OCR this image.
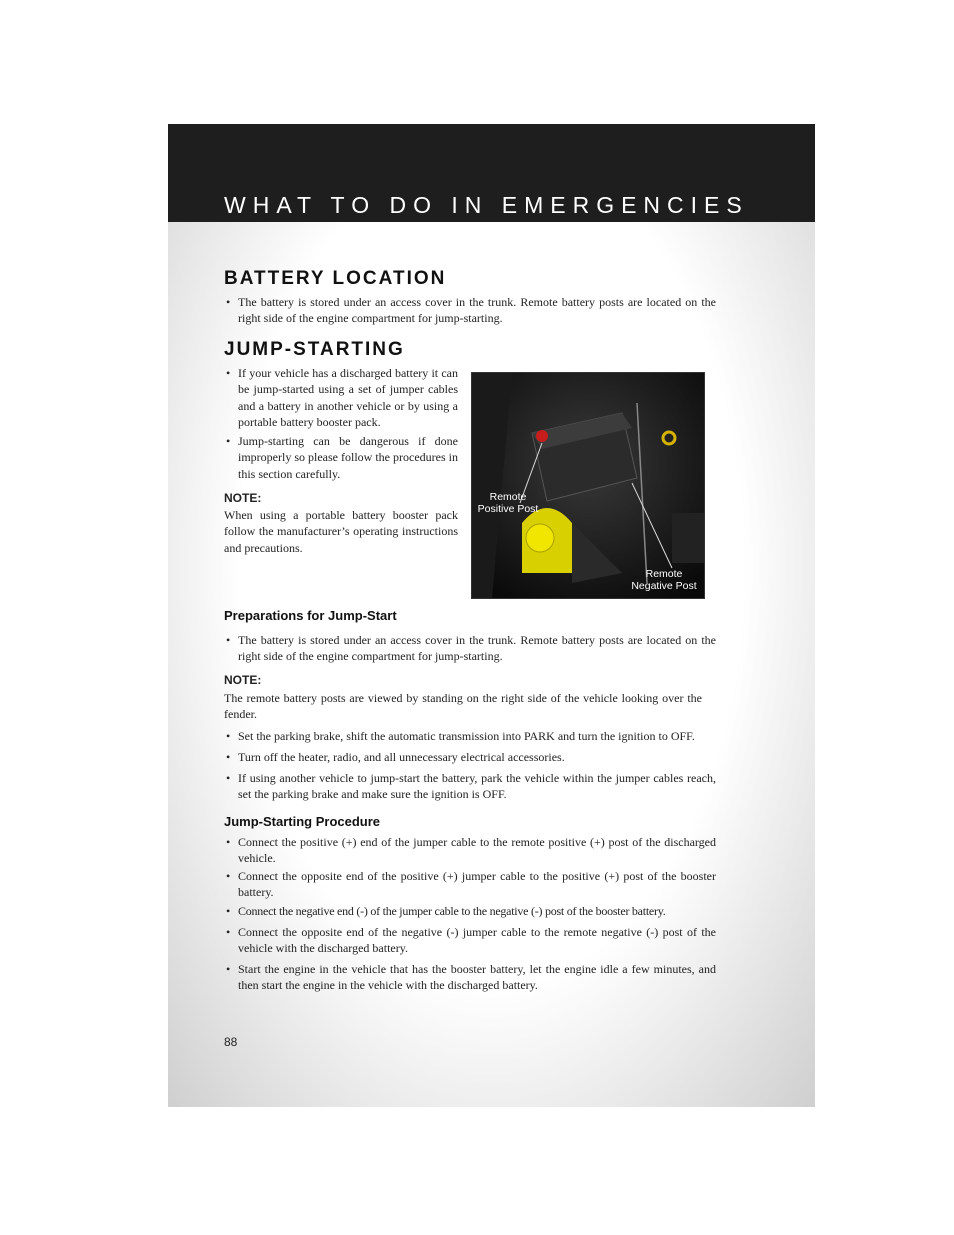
WHAT TO DO IN EMERGENCIES
BATTERY LOCATION

• The battery is stored under an access cover in the trunk. Remote battery posts are located on the right side of the engine compartment for jump-starting.

JUMP-STARTING

• If your vehicle has a discharged battery it can be jump-started using a set of jumper cables and a battery in another vehicle or by using a portable battery booster pack.

• Jump-starting can be dangerous if done improperly so please follow the procedures in this section carefully.

NOTE:

When using a portable battery booster pack follow the manufacturer’s operating instructions and precautions.

Remote
Positive Post
Remote
Negative Post
Preparations for Jump-Start

• The battery is stored under an access cover in the trunk. Remote battery posts are located on the right side of the engine compartment for jump-starting.

NOTE:

The remote battery posts are viewed by standing on the right side of the vehicle looking over the fender.

• Set the parking brake, shift the automatic transmission into PARK and turn the ignition to OFF.

• Turn off the heater, radio, and all unnecessary electrical accessories.

• If using another vehicle to jump-start the battery, park the vehicle within the jumper cables reach, set the parking brake and make sure the ignition is OFF.

Jump-Starting Procedure

• Connect the positive (+) end of the jumper cable to the remote positive (+) post of the discharged vehicle.

• Connect the opposite end of the positive (+) jumper cable to the positive (+) post of the booster battery.

• Connect the negative end (-) of the jumper cable to the negative (-) post of the booster battery.

• Connect the opposite end of the negative (-) jumper cable to the remote negative (-) post of the vehicle with the discharged battery.

• Start the engine in the vehicle that has the booster battery, let the engine idle a few minutes, and then start the engine in the vehicle with the discharged battery.

88
